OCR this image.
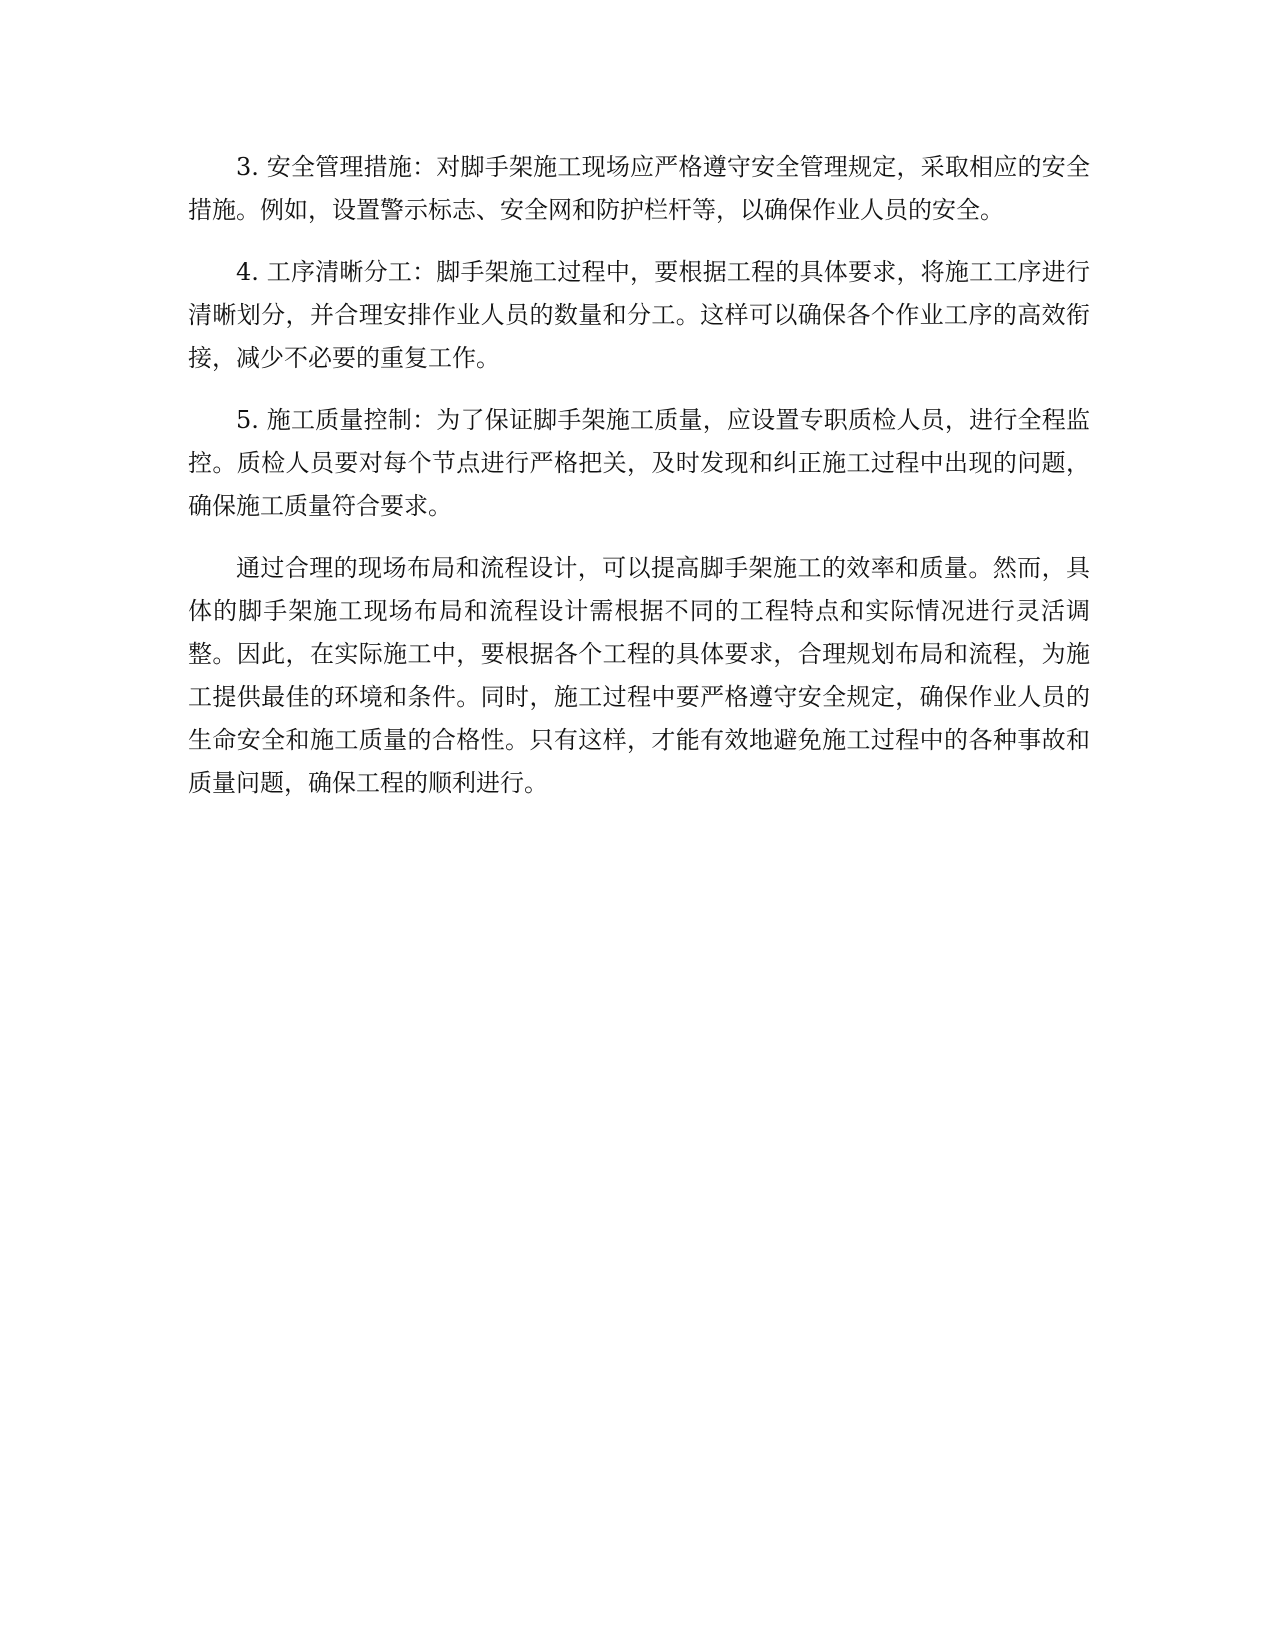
3. 安全管理措施：对脚手架施工现场应严格遵守安全管理规定，采取相应的安全措施。例如，设置警示标志、安全网和防护栏杆等，以确保作业人员的安全。

4. 工序清晰分工：脚手架施工过程中，要根据工程的具体要求，将施工工序进行清晰划分，并合理安排作业人员的数量和分工。这样可以确保各个作业工序的高效衔接，减少不必要的重复工作。

5. 施工质量控制：为了保证脚手架施工质量，应设置专职质检人员，进行全程监控。质检人员要对每个节点进行严格把关，及时发现和纠正施工过程中出现的问题，确保施工质量符合要求。

通过合理的现场布局和流程设计，可以提高脚手架施工的效率和质量。然而，具体的脚手架施工现场布局和流程设计需根据不同的工程特点和实际情况进行灵活调整。因此，在实际施工中，要根据各个工程的具体要求，合理规划布局和流程，为施工提供最佳的环境和条件。同时，施工过程中要严格遵守安全规定，确保作业人员的生命安全和施工质量的合格性。只有这样，才能有效地避免施工过程中的各种事故和质量问题，确保工程的顺利进行。
